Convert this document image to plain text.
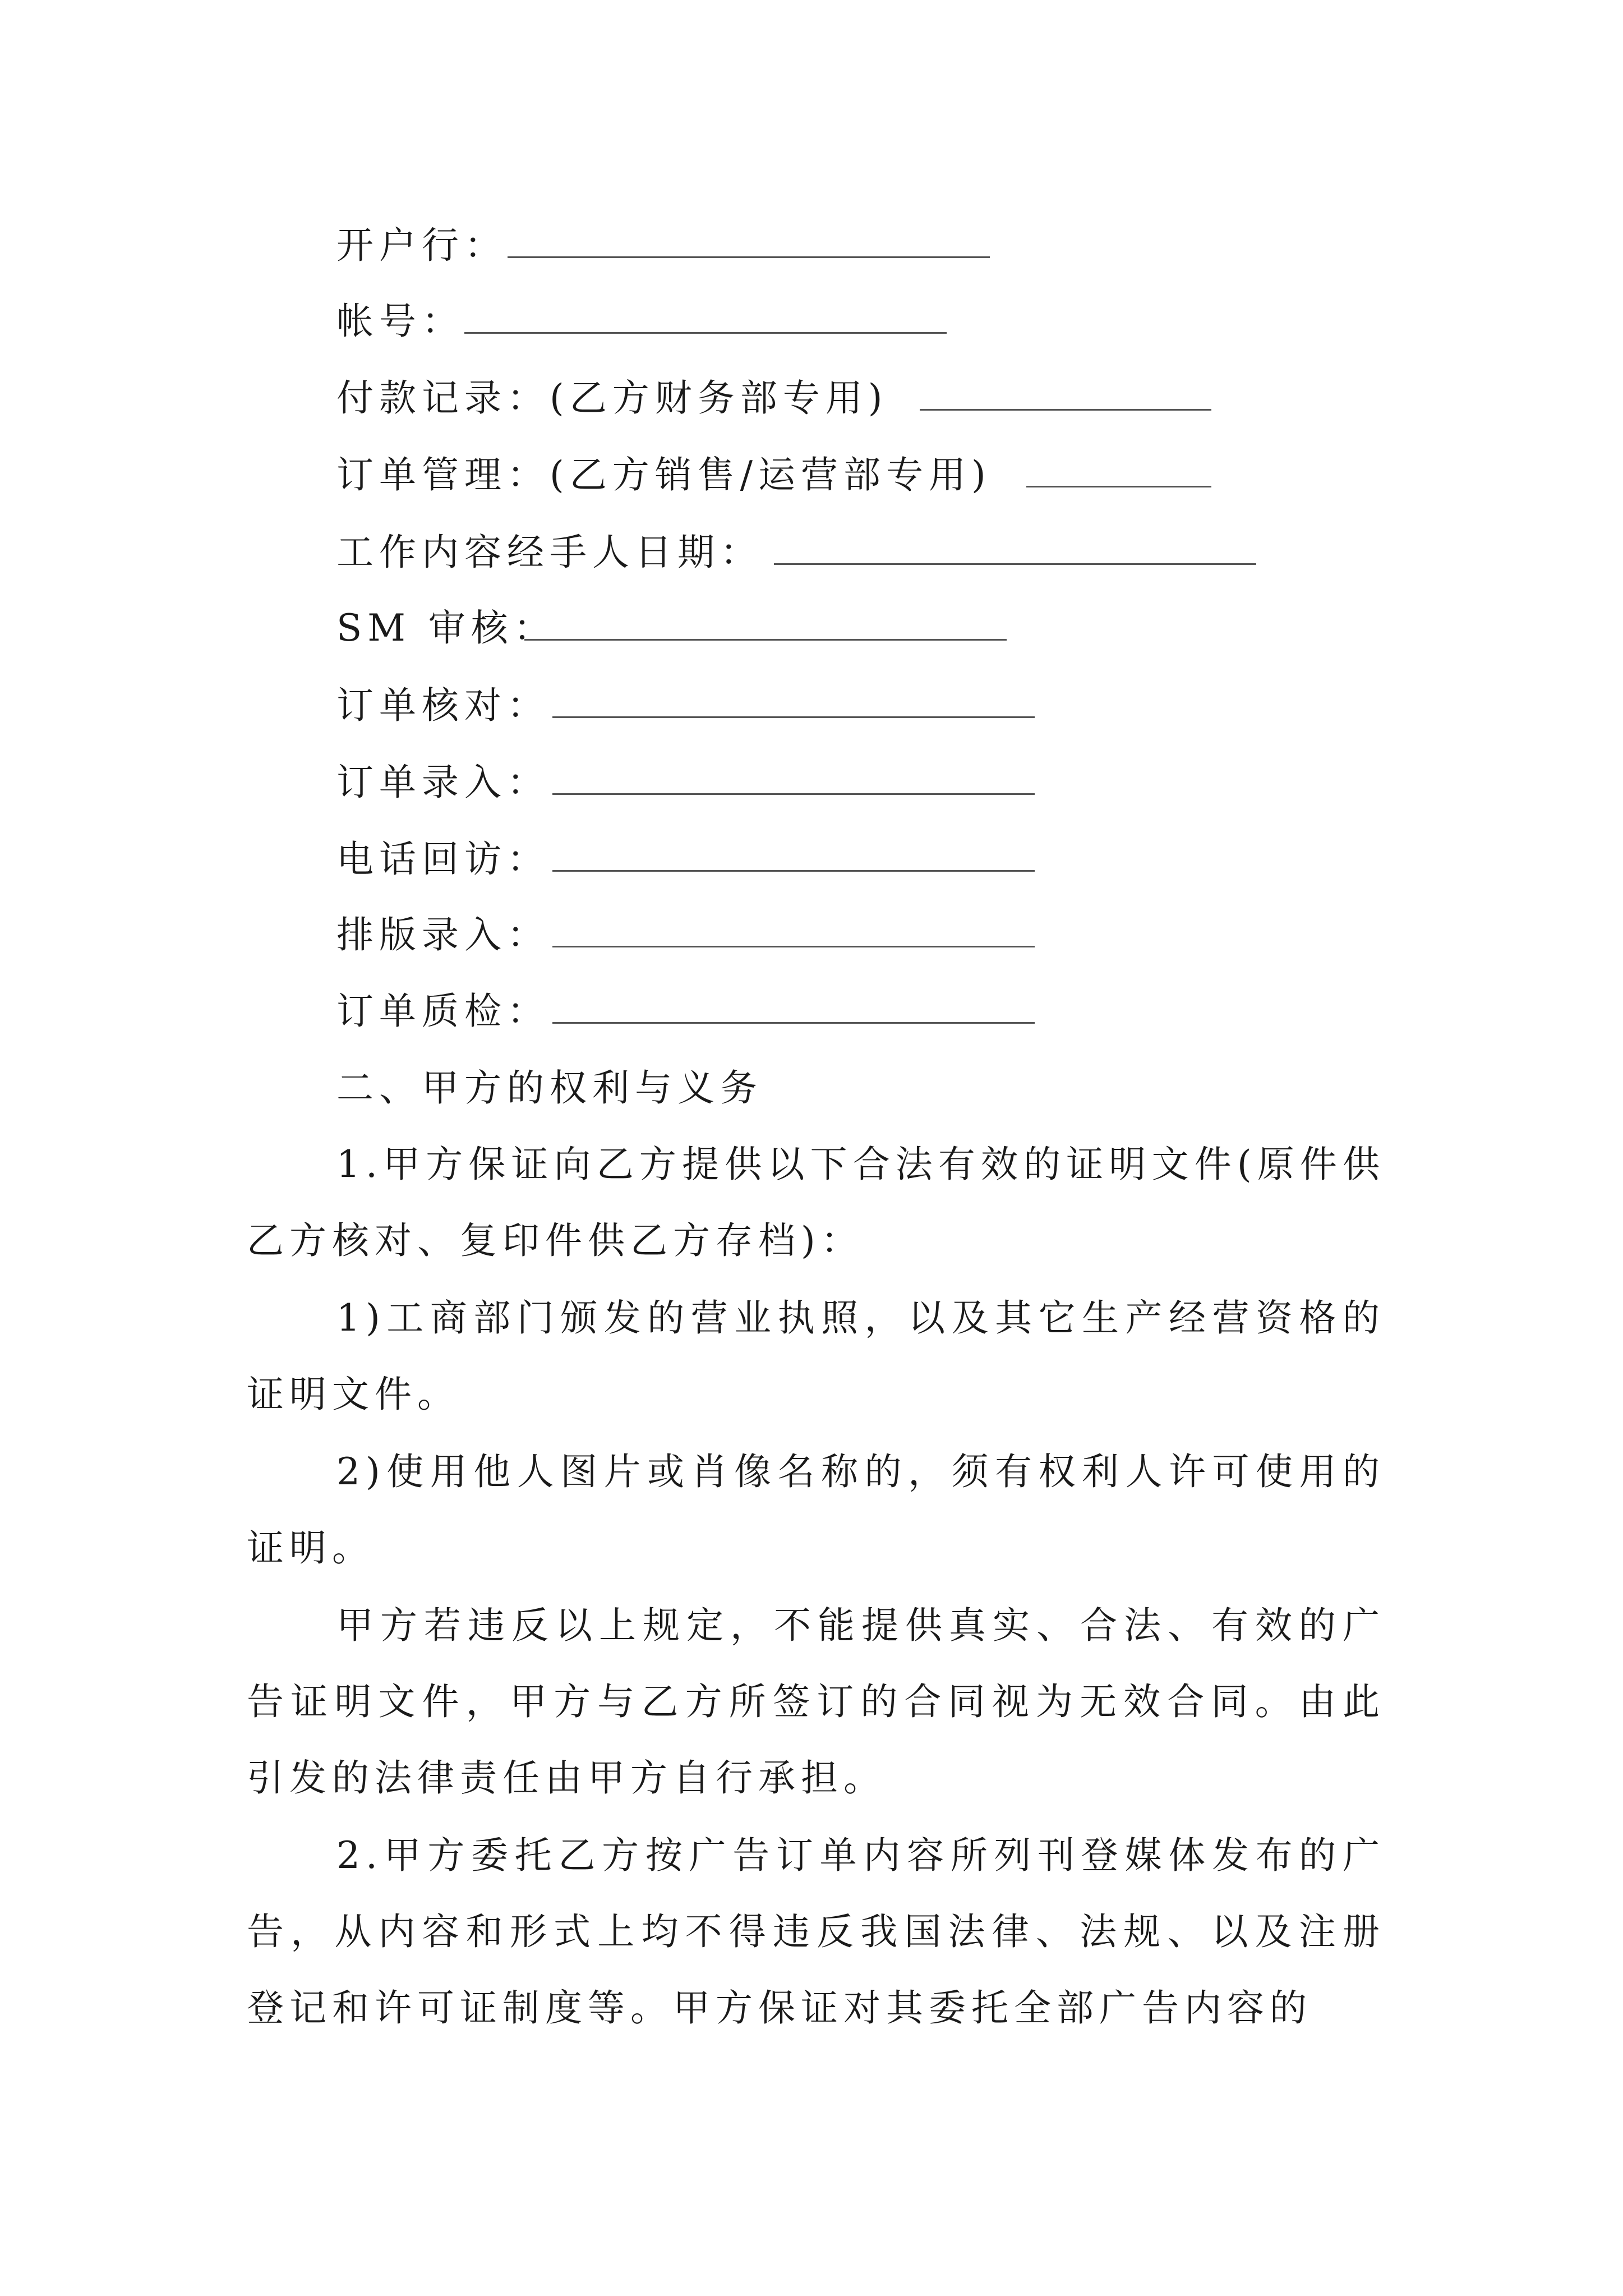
开户行：
帐号：
付款记录：(乙方财务部专用)
订单管理：(乙方销售/运营部专用)
工作内容经手人日期：
SM 审核：
订单核对：
订单录入：
电话回访：
排版录入：
订单质检：
二、甲方的权利与义务
1.甲方保证向乙方提供以下合法有效的证明文件(原件供乙方核对、复印件供乙方存档)：
1)工商部门颁发的营业执照，以及其它生产经营资格的证明文件。
2)使用他人图片或肖像名称的，须有权利人许可使用的证明。
甲方若违反以上规定，不能提供真实、合法、有效的广告证明文件，甲方与乙方所签订的合同视为无效合同。由此引发的法律责任由甲方自行承担。
2.甲方委托乙方按广告订单内容所列刊登媒体发布的广告，从内容和形式上均不得违反我国法律、法规、以及注册登记和许可证制度等。甲方保证对其委托全部广告内容的
